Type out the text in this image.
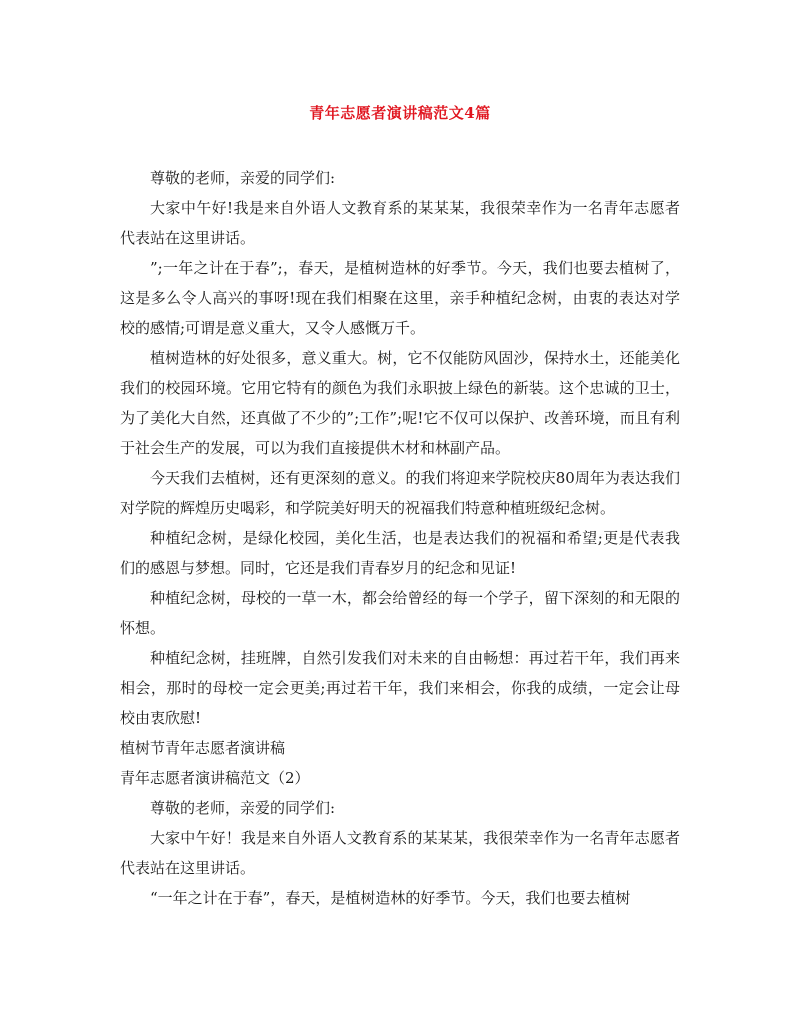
青年志愿者演讲稿范文4篇

尊敬的老师，亲爱的同学们:

大家中午好!我是来自外语人文教育系的某某某，我很荣幸作为一名青年志愿者代表站在这里讲话。

”;一年之计在于春”;，春天，是植树造林的好季节。今天，我们也要去植树了，这是多么令人高兴的事呀!现在我们相聚在这里，亲手种植纪念树，由衷的表达对学校的感情;可谓是意义重大，又令人感慨万千。

植树造林的好处很多，意义重大。树，它不仅能防风固沙，保持水土，还能美化我们的校园环境。它用它特有的颜色为我们永职披上绿色的新装。这个忠诚的卫士，为了美化大自然，还真做了不少的”;工作”;呢!它不仅可以保护、改善环境，而且有利于社会生产的发展，可以为我们直接提供木材和林副产品。

今天我们去植树，还有更深刻的意义。的我们将迎来学院校庆80周年为表达我们对学院的辉煌历史喝彩，和学院美好明天的祝福我们特意种植班级纪念树。

种植纪念树，是绿化校园，美化生活，也是表达我们的祝福和希望;更是代表我们的感恩与梦想。同时，它还是我们青春岁月的纪念和见证!

种植纪念树，母校的一草一木，都会给曾经的每一个学子，留下深刻的和无限的怀想。

种植纪念树，挂班牌，自然引发我们对未来的自由畅想：再过若干年，我们再来相会，那时的母校一定会更美;再过若干年，我们来相会，你我的成绩，一定会让母校由衷欣慰!

植树节青年志愿者演讲稿

青年志愿者演讲稿范文（2）

尊敬的老师，亲爱的同学们:

大家中午好！我是来自外语人文教育系的某某某，我很荣幸作为一名青年志愿者代表站在这里讲话。

“一年之计在于春”，春天，是植树造林的好季节。今天，我们也要去植树
